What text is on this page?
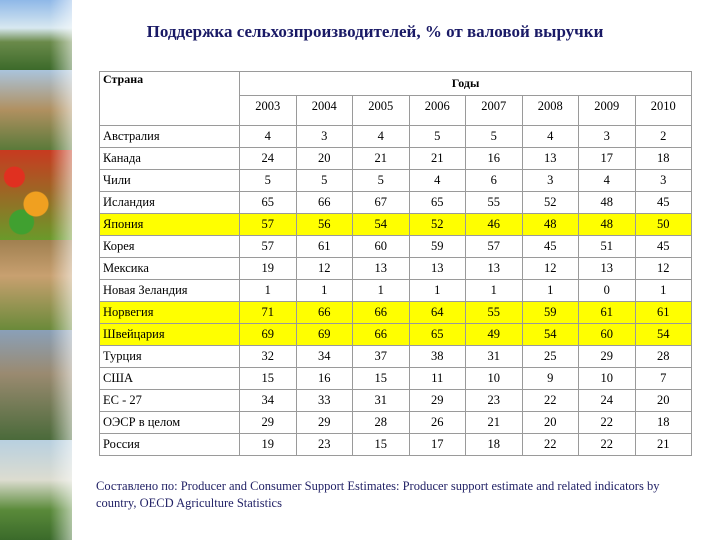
Поддержка сельхозпроизводителей, % от валовой выручки
Страна	Годы							
	2003	2004	2005	2006	2007	2008	2009	2010
Австралия	4	3	4	5	5	4	3	2
Канада	24	20	21	21	16	13	17	18
Чили	5	5	5	4	6	3	4	3
Исландия	65	66	67	65	55	52	48	45
Япония	57	56	54	52	46	48	48	50
Корея	57	61	60	59	57	45	51	45
Мексика	19	12	13	13	13	12	13	12
Новая Зеландия	1	1	1	1	1	1	0	1
Норвегия	71	66	66	64	55	59	61	61
Швейцария	69	69	66	65	49	54	60	54
Турция	32	34	37	38	31	25	29	28
США	15	16	15	11	10	9	10	7
ЕС - 27	34	33	31	29	23	22	24	20
ОЭСР в целом	29	29	28	26	21	20	22	18
Россия	19	23	15	17	18	22	22	21
Составлено по: Producer and Consumer Support Estimates: Producer support estimate and related indicators by country, OECD Agriculture Statistics
